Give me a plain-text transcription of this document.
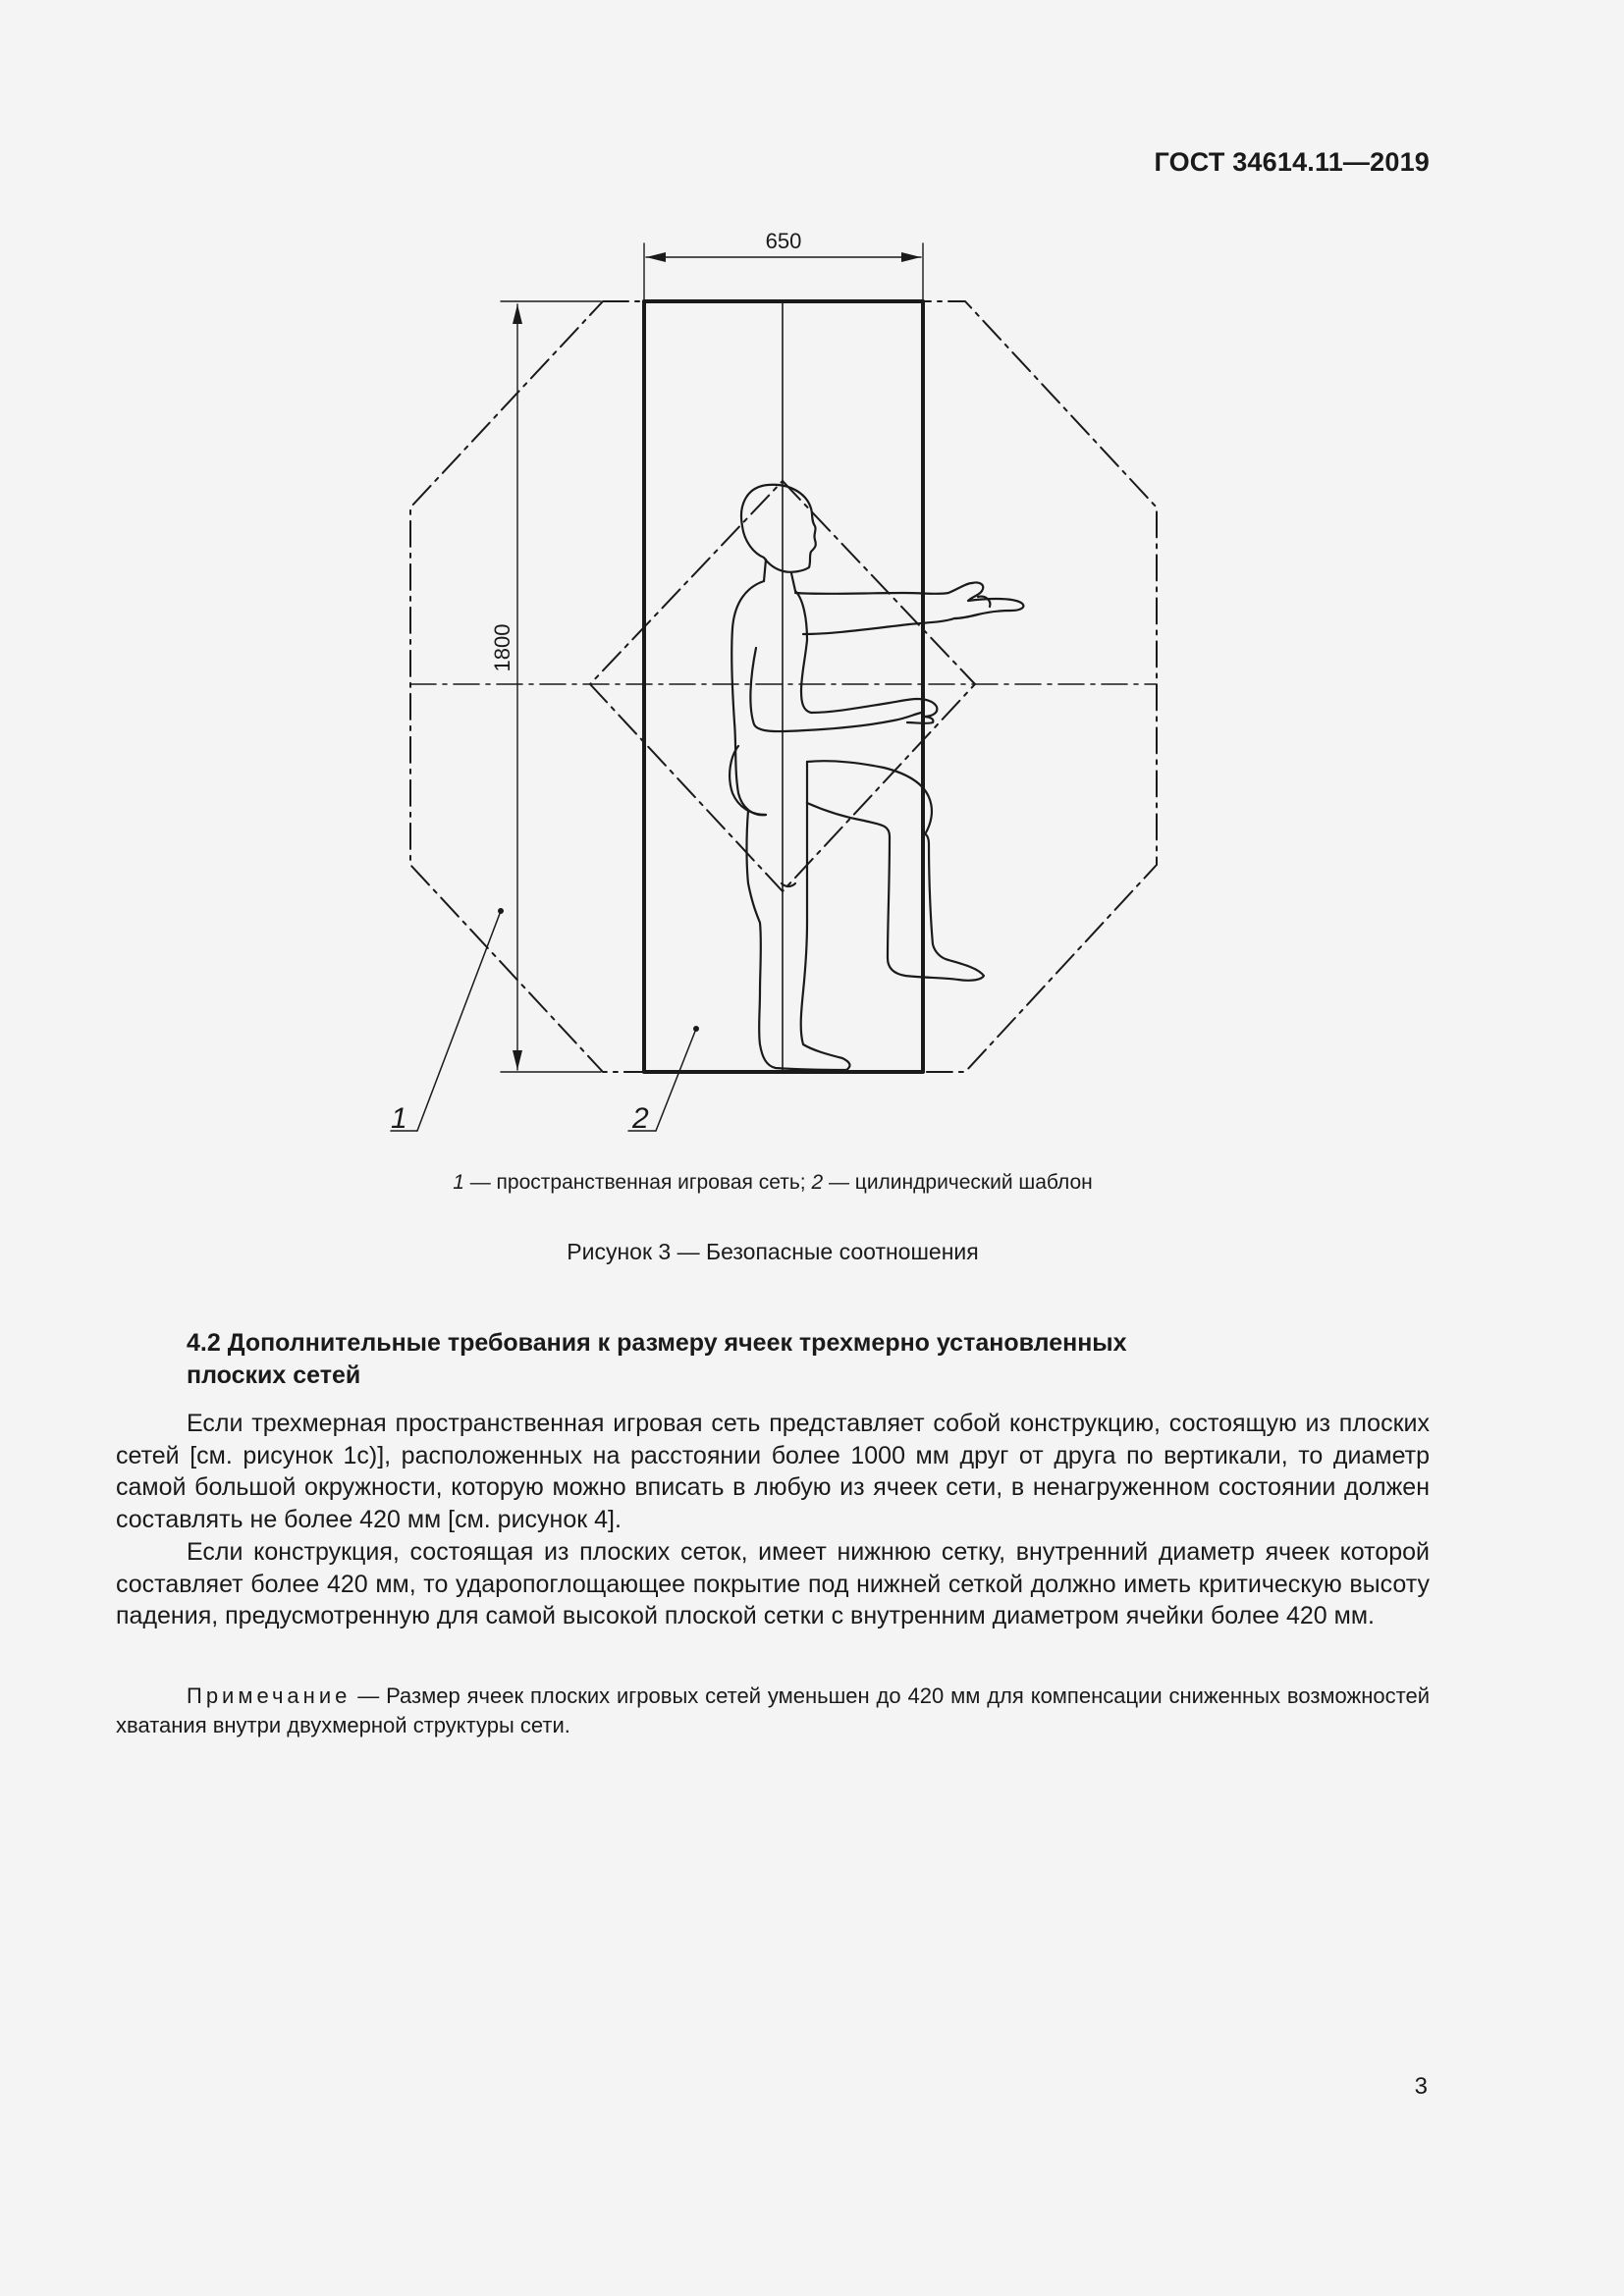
ГОСТ 34614.11—2019
650
1800
1	2
1 — пространственная игровая сеть; 2 — цилиндрический шаблон
Рисунок 3 — Безопасные соотношения
4.2 Дополнительные требования к размеру ячеек трехмерно установленных
плоских сетей
Если трехмерная пространственная игровая сеть представляет собой конструкцию, состоящую из плоских сетей [см. рисунок 1с)], расположенных на расстоянии более 1000 мм друг от друга по вертикали, то диаметр самой большой окружности, которую можно вписать в любую из ячеек сети, в ненагруженном состоянии должен составлять не более 420 мм [см. рисунок 4].
Если конструкция, состоящая из плоских сеток, имеет нижнюю сетку, внутренний диаметр ячеек которой составляет более 420 мм, то ударопоглощающее покрытие под нижней сеткой должно иметь критическую высоту падения, предусмотренную для самой высокой плоской сетки с внутренним диаметром ячейки более 420 мм.
Примечание — Размер ячеек плоских игровых сетей уменьшен до 420 мм для компенсации сниженных возможностей хватания внутри двухмерной структуры сети.
3
